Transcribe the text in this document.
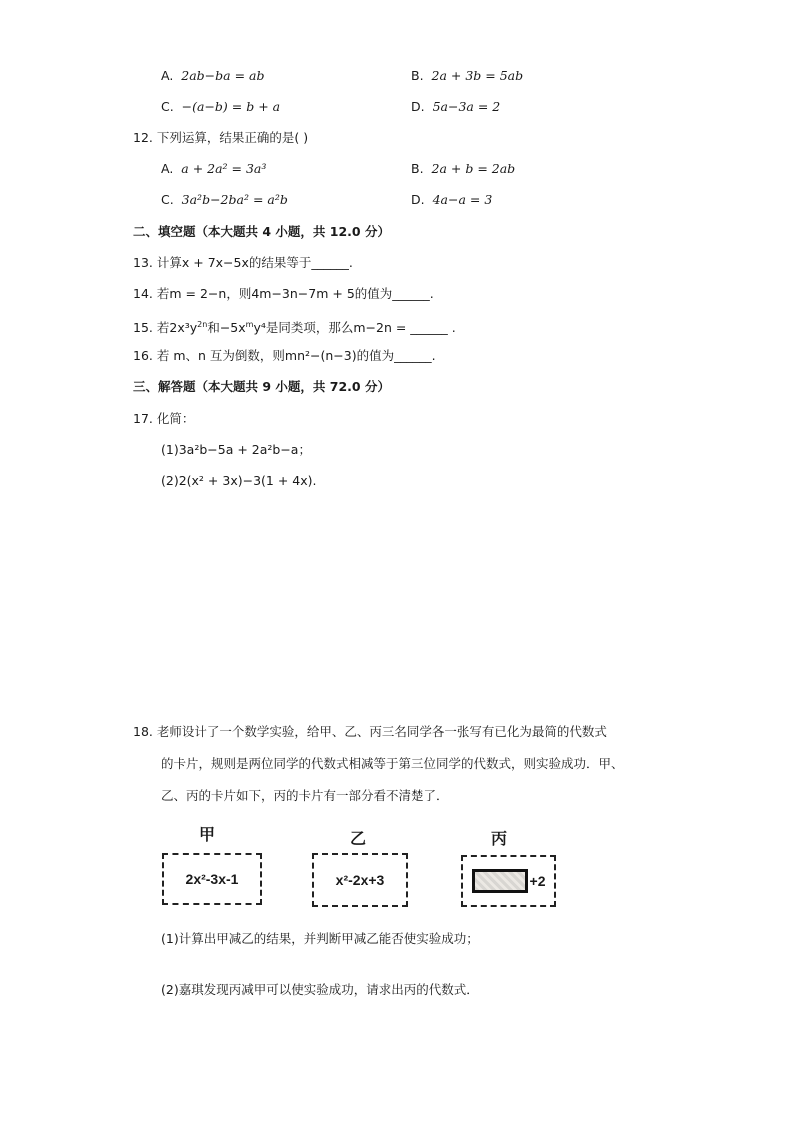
A. 2ab−ba = ab	B. 2a + 3b = 5ab
C. −(a−b) = b + a	D. 5a−3a = 2
12. 下列运算，结果正确的是( )
A. a + 2a² = 3a³	B. 2a + b = 2ab
C. 3a²b−2ba² = a²b	D. 4a−a = 3
二、填空题（本大题共 4 小题，共 12.0 分）
13. 计算x + 7x−5x的结果等于______.
14. 若m = 2−n，则4m−3n−7m + 5的值为______.
15. 若$2x^3y^{2n}$和$-5x^my^4$是同类项，那么m−2n = ______ .
16. 若 m、n 互为倒数，则mn²−(n−3)的值为______.
三、解答题（本大题共 9 小题，共 72.0 分）
17. 化简：
(1)3a²b−5a + 2a²b−a；
(2)2(x² + 3x)−3(1 + 4x).
18. 老师设计了一个数学实验，给甲、乙、丙三名同学各一张写有已化为最简的代数式
的卡片，规则是两位同学的代数式相减等于第三位同学的代数式，则实验成功．甲、
乙、丙的卡片如下，丙的卡片有一部分看不清楚了．
甲
2x²-3x-1
乙
x²-2x+3
丙
+2
(1)计算出甲减乙的结果，并判断甲减乙能否使实验成功；
(2)嘉琪发现丙减甲可以使实验成功，请求出丙的代数式．
